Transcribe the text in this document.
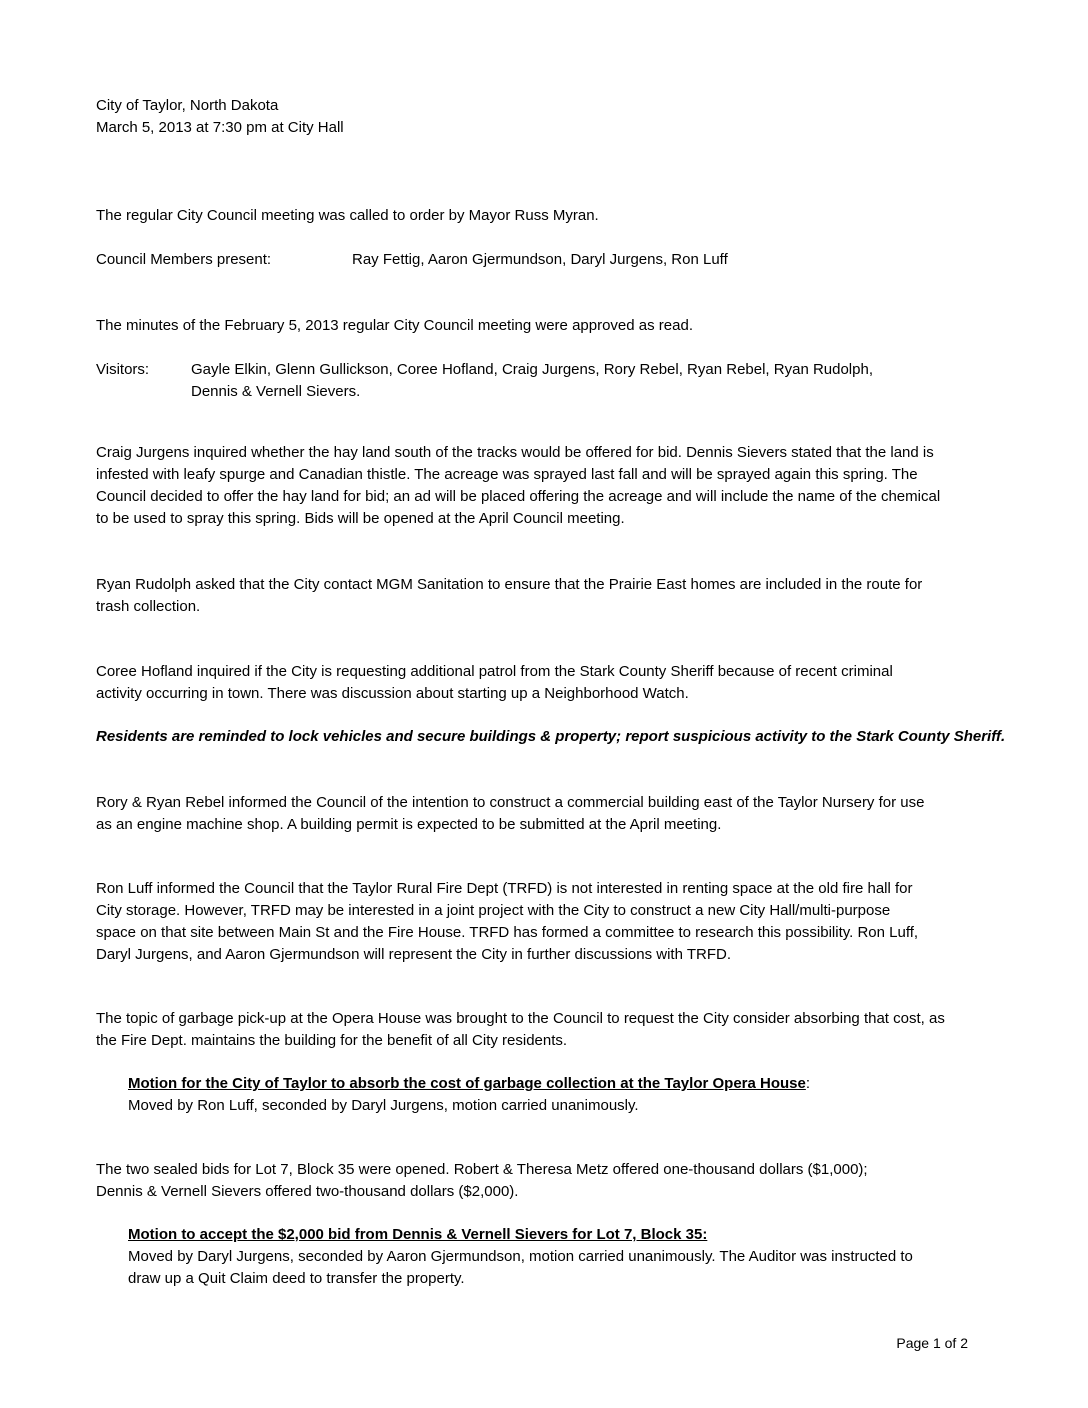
City of Taylor, North Dakota
March 5, 2013 at 7:30 pm at City Hall
The regular City Council meeting was called to order by Mayor Russ Myran.
Council Members present:	Ray Fettig, Aaron Gjermundson, Daryl Jurgens, Ron Luff
The minutes of the February 5, 2013 regular City Council meeting were approved as read.
Visitors:	Gayle Elkin, Glenn Gullickson, Coree Hofland, Craig Jurgens, Rory Rebel, Ryan Rebel, Ryan Rudolph,
Dennis & Vernell Sievers.
Craig Jurgens inquired whether the hay land south of the tracks would be offered for bid. Dennis Sievers stated that the land is
infested with leafy spurge and Canadian thistle. The acreage was sprayed last fall and will be sprayed again this spring. The
Council decided to offer the hay land for bid; an ad will be placed offering the acreage and will include the name of the chemical
to be used to spray this spring. Bids will be opened at the April Council meeting.
Ryan Rudolph asked that the City contact MGM Sanitation to ensure that the Prairie East homes are included in the route for
trash collection.
Coree Hofland inquired if the City is requesting additional patrol from the Stark County Sheriff because of recent criminal
activity occurring in town. There was discussion about starting up a Neighborhood Watch.
Residents are reminded to lock vehicles and secure buildings & property; report suspicious activity to the Stark County Sheriff.
Rory & Ryan Rebel informed the Council of the intention to construct a commercial building east of the Taylor Nursery for use
as an engine machine shop. A building permit is expected to be submitted at the April meeting.
Ron Luff informed the Council that the Taylor Rural Fire Dept (TRFD) is not interested in renting space at the old fire hall for
City storage. However, TRFD may be interested in a joint project with the City to construct a new City Hall/multi-purpose
space on that site between Main St and the Fire House. TRFD has formed a committee to research this possibility. Ron Luff,
Daryl Jurgens, and Aaron Gjermundson will represent the City in further discussions with TRFD.
The topic of garbage pick-up at the Opera House was brought to the Council to request the City consider absorbing that cost, as
the Fire Dept. maintains the building for the benefit of all City residents.
Motion for the City of Taylor to absorb the cost of garbage collection at the Taylor Opera House:
Moved by Ron Luff, seconded by Daryl Jurgens, motion carried unanimously.
The two sealed bids for Lot 7, Block 35 were opened. Robert & Theresa Metz offered one-thousand dollars ($1,000);
Dennis & Vernell Sievers offered two-thousand dollars ($2,000).
Motion to accept the $2,000 bid from Dennis & Vernell Sievers for Lot 7, Block 35:
Moved by Daryl Jurgens, seconded by Aaron Gjermundson, motion carried unanimously. The Auditor was instructed to
draw up a Quit Claim deed to transfer the property.
Page 1 of 2
